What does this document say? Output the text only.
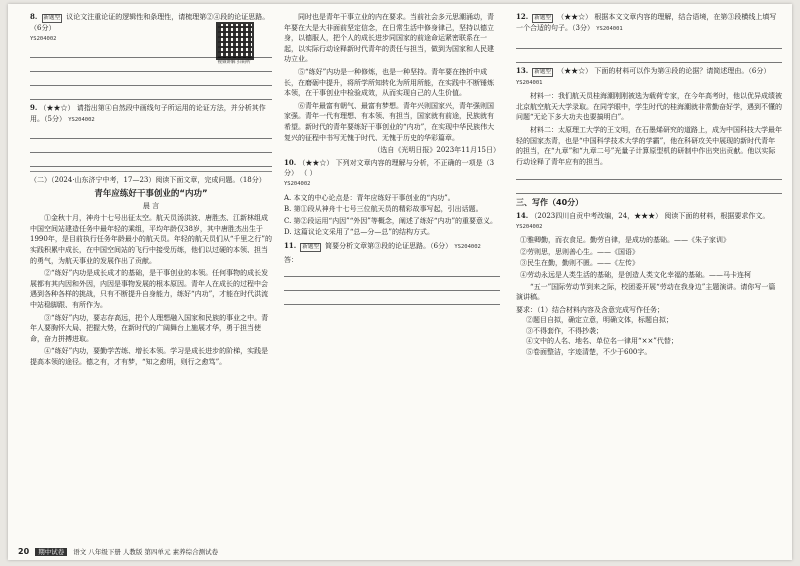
8. 新题型 议论文注重论证的逻辑性和条理性，请梳理第②④段的论证思路。（6分）
YS204002
9. （★★☆） 请指出第④自然段中画线句子所运用的论证方法，并分析其作用。（5分） YS204002
（二）（2024·山东济宁中考，17—23）阅读下面文章，完成问题。（18分）
青年应练好干事创业的“内功”
晨 言

①金秋十月，神舟十七号出征太空。航天员汤洪波、唐胜杰、江新林组成中国空间站建造任务中最年轻的乘组，平均年龄仅38岁，其中唐胜杰出生于1990年，是目前执行任务年龄最小的航天员。年轻的航天员们从“千里之行”的实践积累中成长，在中国空间站的飞行中接受历练，他们以过硬的本领、担当的勇气，为航天事业的发展作出了贡献。

②“练好”内功是成长成才的基础，是干事创业的本领。任何事物的成长发展都有其内因和外因，内因是事物发展的根本原因。青年人在成长的过程中会遇到各种各样的挑战，只有不断提升自身能力，练好“内功”，才能在时代洪流中站稳脚跟、有所作为。

③“练好”内功，要志存高远，把个人理想融入国家和民族的事业之中。青年人要胸怀大局、把握大势，在新时代的广阔舞台上施展才华，勇于担当使命，奋力拼搏进取。

④“练好”内功，要勤学苦练、增长本领。学习是成长进步的阶梯，实践是提高本领的途径。德之有，才有梦，“知之愈明，则行之愈笃”。

视频讲解 扫码听

同时也是青年干事立业的内在要求。当前社会多元思潮涌动，青年要在大是大非面前坚定信念，在日常生活中修身律己，坚持以德立身，以德服人，把个人的成长进步同国家的前途命运紧密联系在一起，以实际行动诠释新时代青年的责任与担当，做到为国家和人民建功立业。

⑤“练好”内功是一种修炼，也是一种坚持。青年要在挫折中成长，在磨砺中提升，将所学所知转化为所用所能，在实践中不断锤炼本领，在干事创业中检验成效，从而实现自己的人生价值。

⑥青年最富有朝气、最富有梦想。青年兴则国家兴，青年强则国家强。青年一代有理想、有本领、有担当，国家就有前途，民族就有希望。新时代的青年要练好干事创业的“内功”，在实现中华民族伟大复兴的征程中书写无愧于时代、无愧于历史的华彩篇章。

（选自《光明日报》2023年11月15日）
10. （★★☆） 下列对文章内容的理解与分析，不正确的一项是（3分） （ ）
YS204002
A. 本文的中心论点是：青年应练好干事创业的“内功”。
B. 第①段从神舟十七号三位航天员的精彩故事写起，引出话题。
C. 第②段运用“内因”“外因”等概念，阐述了练好“内功”的重要意义。
D. 这篇议论文采用了“总—分—总”的结构方式。
11. 新题型 简要分析文章第③段的论证思路。（6分） YS204002
答：
12. 新题型 （★★☆） 根据本文文章内容的理解，结合语境，在第③段横线上填写一个合适的句子。（3分） YS204001
13. 新题型 （★★☆） 下面的材料可以作为第④段的论据？请简述理由。（6分） YS204001

材料一：我们航天员桂海潮刚刚被选为载荷专家，在今年高考时，他以优异成绩被北京航空航天大学录取。在同学眼中，学生时代的桂海潮就非常勤奋好学，遇到不懂的问题“无论下多大功夫也要搞明白”。

材料二：太原理工大学的王文明，在石墨烯研究的道路上，成为中国科技大学最年轻的国家杰青，也是“中国科学技术大学的学霸”，他在科研攻关中展现的新时代青年的担当，在“九章”和“九章二号”光量子计算原型机的研制中作出突出贡献。他以实际行动诠释了青年应有的担当。

三、写作（40分）
14. （2023四川自贡中考改编，24，★★★） 阅读下面的材料，根据要求作文。
YS204002
①雅卿勤，而衣食足。勤劳自律，是成功的基础。——《朱子家训》
②劳则思，思则善心生。——《国语》
③民生在勤，勤则不匮。——《左传》
④劳动永远是人类生活的基础，是创造人类文化幸福的基础。——马卡连柯

“五一”国际劳动节到来之际，校团委开展“劳动在我身边”主题演讲。请你写一篇演讲稿。

要求：（1）结合材料内容及含意完成写作任务；
②题目自拟，确定立意，明确文体，标题自拟；
③不得套作，不得抄袭；
④文中的人名、地名、单位名一律用“××”代替；
⑤卷面整洁，字迹清楚，不少于600字。
20 期中试卷 语文 八年级下册 人教版 第四单元 素养综合测试卷
